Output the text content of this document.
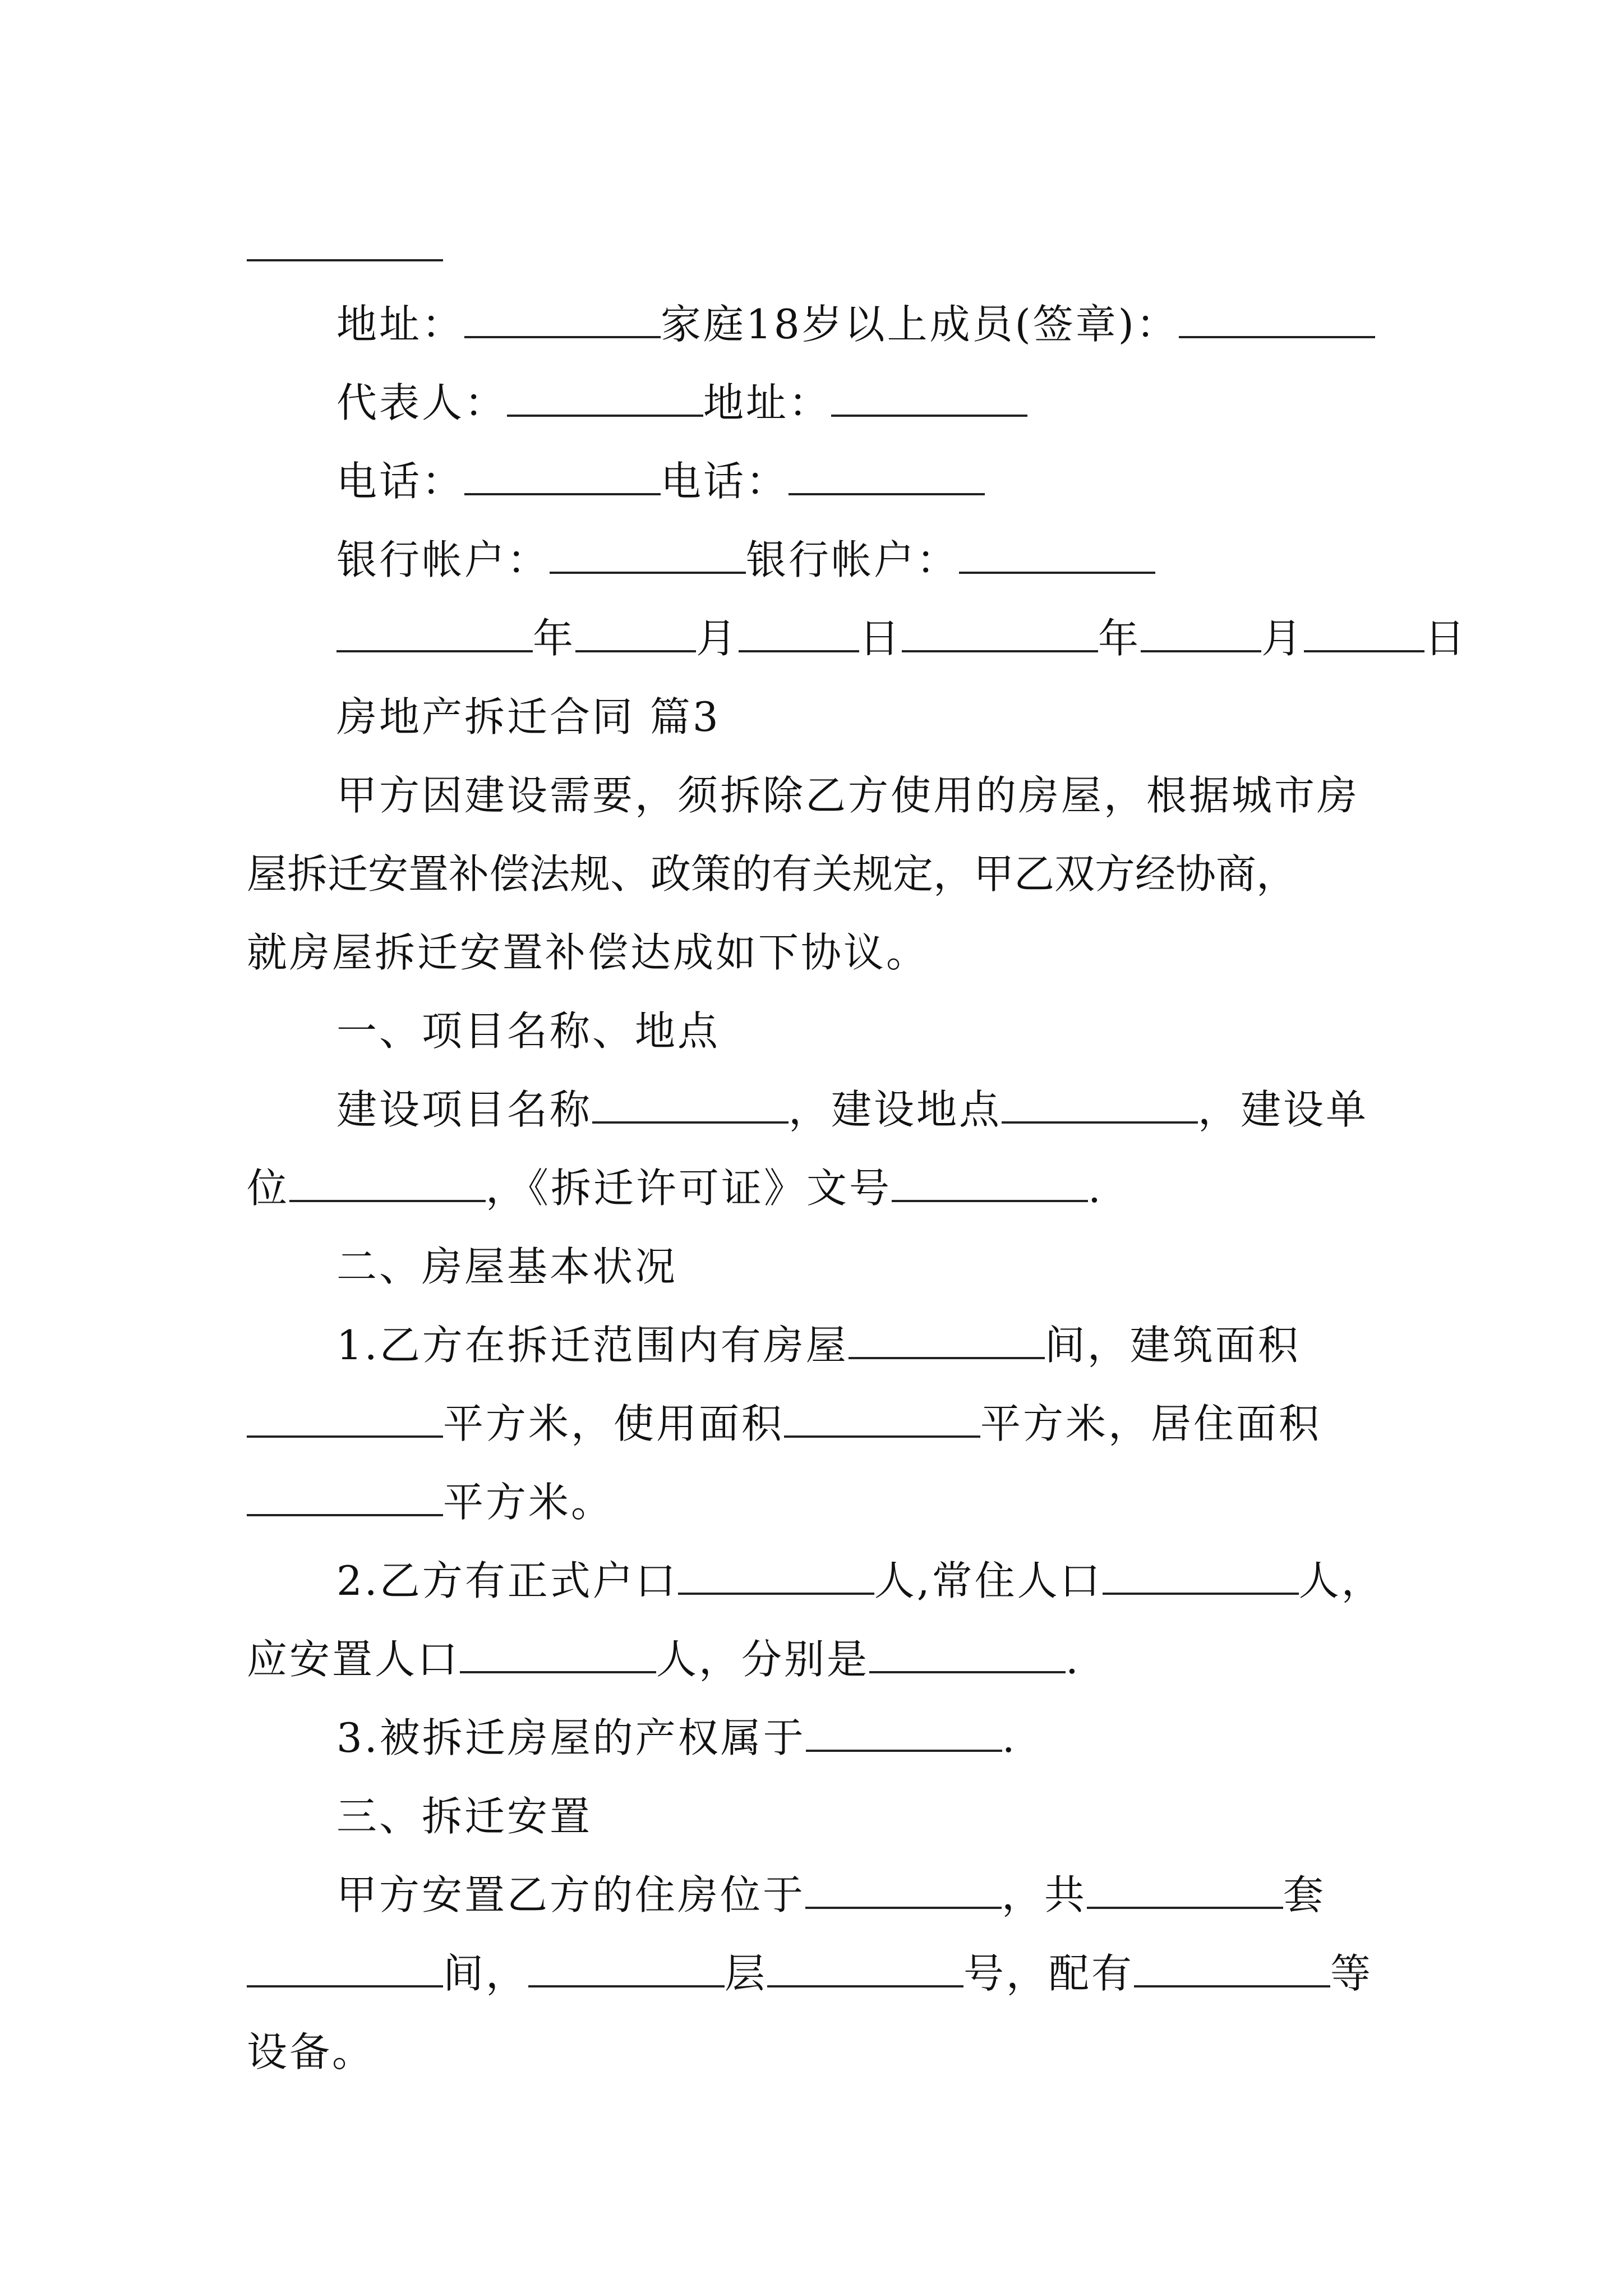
地址：	家庭18岁以上成员(签章)：
代表人：	地址：
电话：	电话：
银行帐户：	银行帐户：
年	月	日	年	月	日
房地产拆迁合同 篇3
甲方因建设需要，须拆除乙方使用的房屋，根据城市房
屋拆迁安置补偿法规、政策的有关规定，甲乙双方经协商，
就房屋拆迁安置补偿达成如下协议。
一、项目名称、地点
建设项目名称	，建设地点	，建设单
位	，《拆迁许可证》文号	.
二、房屋基本状况
1.乙方在拆迁范围内有房屋	间，建筑面积
平方米，使用面积	平方米，居住面积
平方米。
2.乙方有正式户口	人,常住人口	人，
应安置人口	人，分别是	.
3.被拆迁房屋的产权属于	.
三、拆迁安置
甲方安置乙方的住房位于	，共	套
间，	层	号，配有	等
设备。
